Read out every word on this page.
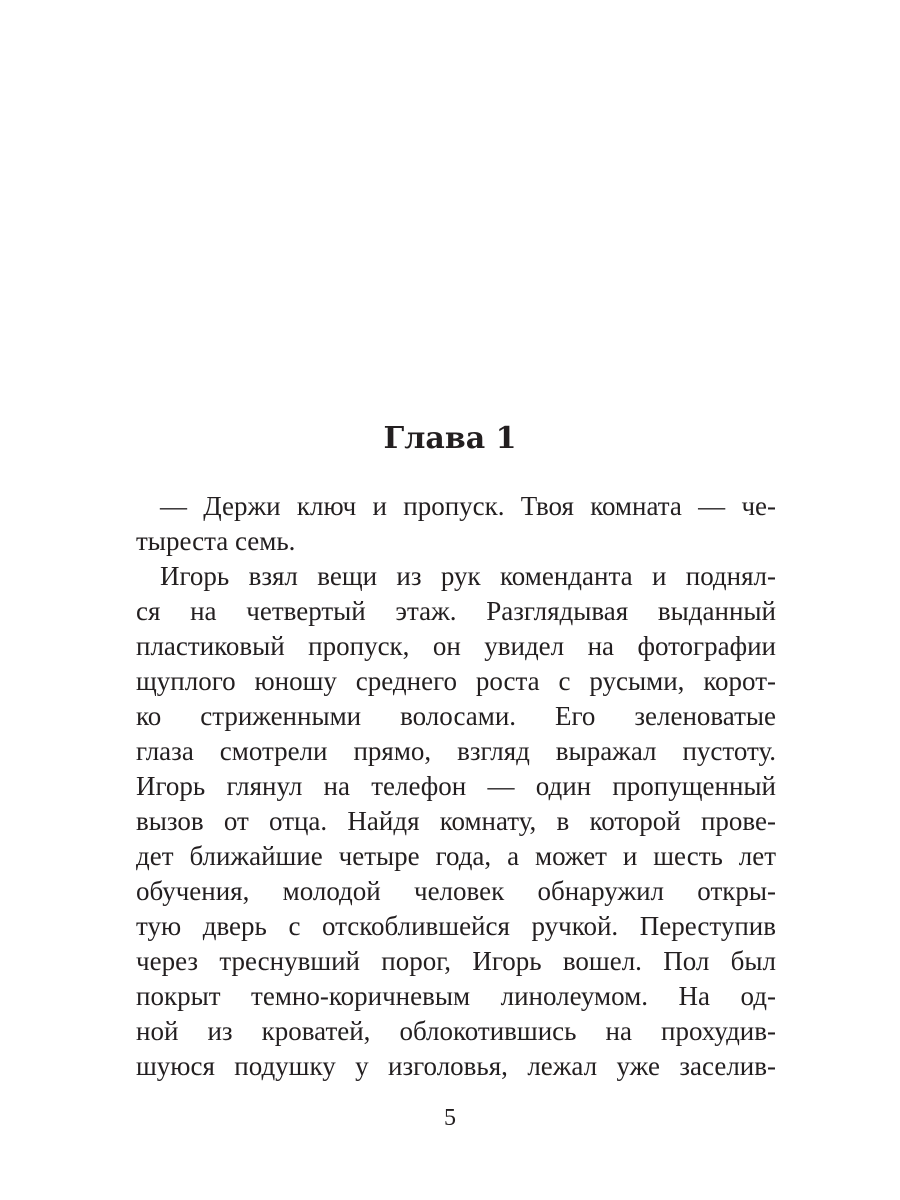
Глава 1
— Держи ключ и пропуск. Твоя комната — че-
тыреста семь.
Игорь взял вещи из рук коменданта и поднял-
ся на четвертый этаж. Разглядывая выданный
пластиковый пропуск, он увидел на фотографии
щуплого юношу среднего роста с русыми, корот-
ко стриженными волосами. Его зеленоватые
глаза смотрели прямо, взгляд выражал пустоту.
Игорь глянул на телефон — один пропущенный
вызов от отца. Найдя комнату, в которой прове-
дет ближайшие четыре года, а может и шесть лет
обучения, молодой человек обнаружил откры-
тую дверь с отскоблившейся ручкой. Переступив
через треснувший порог, Игорь вошел. Пол был
покрыт темно-коричневым линолеумом. На од-
ной из кроватей, облокотившись на прохудив-
шуюся подушку у изголовья, лежал уже заселив-
5
